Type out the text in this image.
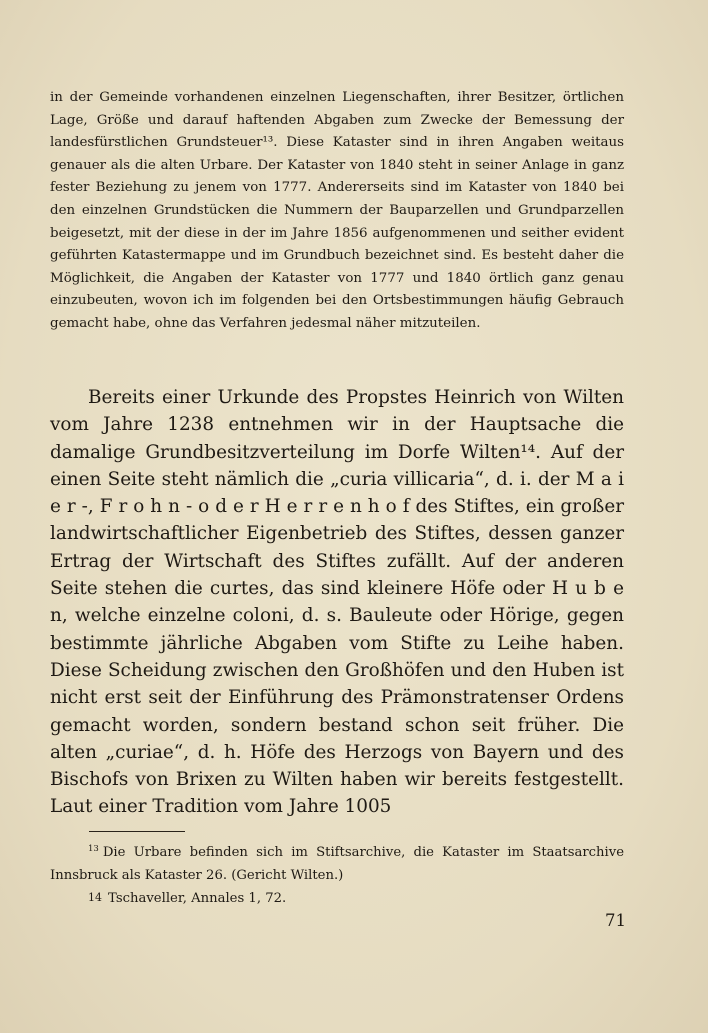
in der Gemeinde vorhandenen einzelnen Liegenschaften, ihrer Besitzer, örtlichen Lage, Größe und darauf haftenden Abgaben zum Zwecke der Bemessung der landesfürstlichen Grundsteuer¹³. Diese Kataster sind in ihren Angaben weitaus genauer als die alten Urbare. Der Kataster von 1840 steht in seiner Anlage in ganz fester Beziehung zu jenem von 1777. Andererseits sind im Kataster von 1840 bei den einzelnen Grundstücken die Nummern der Bauparzellen und Grundparzellen beigesetzt, mit der diese in der im Jahre 1856 aufgenommenen und seither evident geführten Katastermappe und im Grundbuch bezeichnet sind. Es besteht daher die Möglichkeit, die Angaben der Kataster von 1777 und 1840 örtlich ganz genau einzubeuten, wovon ich im folgenden bei den Ortsbestimmungen häufig Gebrauch gemacht habe, ohne das Verfahren jedesmal näher mitzuteilen.

Bereits einer Urkunde des Propstes Heinrich von Wilten vom Jahre 1238 entnehmen wir in der Hauptsache die damalige Grundbesitzverteilung im Dorfe Wilten¹⁴. Auf der einen Seite steht nämlich die „curia villicaria“, d. i. der M a i e r -, F r o h n - o d e r H e r r e n h o f des Stiftes, ein großer landwirtschaftlicher Eigenbetrieb des Stiftes, dessen ganzer Ertrag der Wirtschaft des Stiftes zufällt. Auf der anderen Seite stehen die curtes, das sind kleinere Höfe oder H u b e n, welche einzelne coloni, d. s. Bauleute oder Hörige, gegen bestimmte jährliche Abgaben vom Stifte zu Leihe haben. Diese Scheidung zwischen den Großhöfen und den Huben ist nicht erst seit der Einführung des Prämonstratenser Ordens gemacht worden, sondern bestand schon seit früher. Die alten „curiae“, d. h. Höfe des Herzogs von Bayern und des Bischofs von Brixen zu Wilten haben wir bereits festgestellt. Laut einer Tradition vom Jahre 1005

$^{13}$ Die Urbare befinden sich im Stiftsarchive, die Kataster im Staatsarchive Innsbruck als Kataster 26. (Gericht Wilten.)
14 Tschaveller, Annales 1, 72.
71
